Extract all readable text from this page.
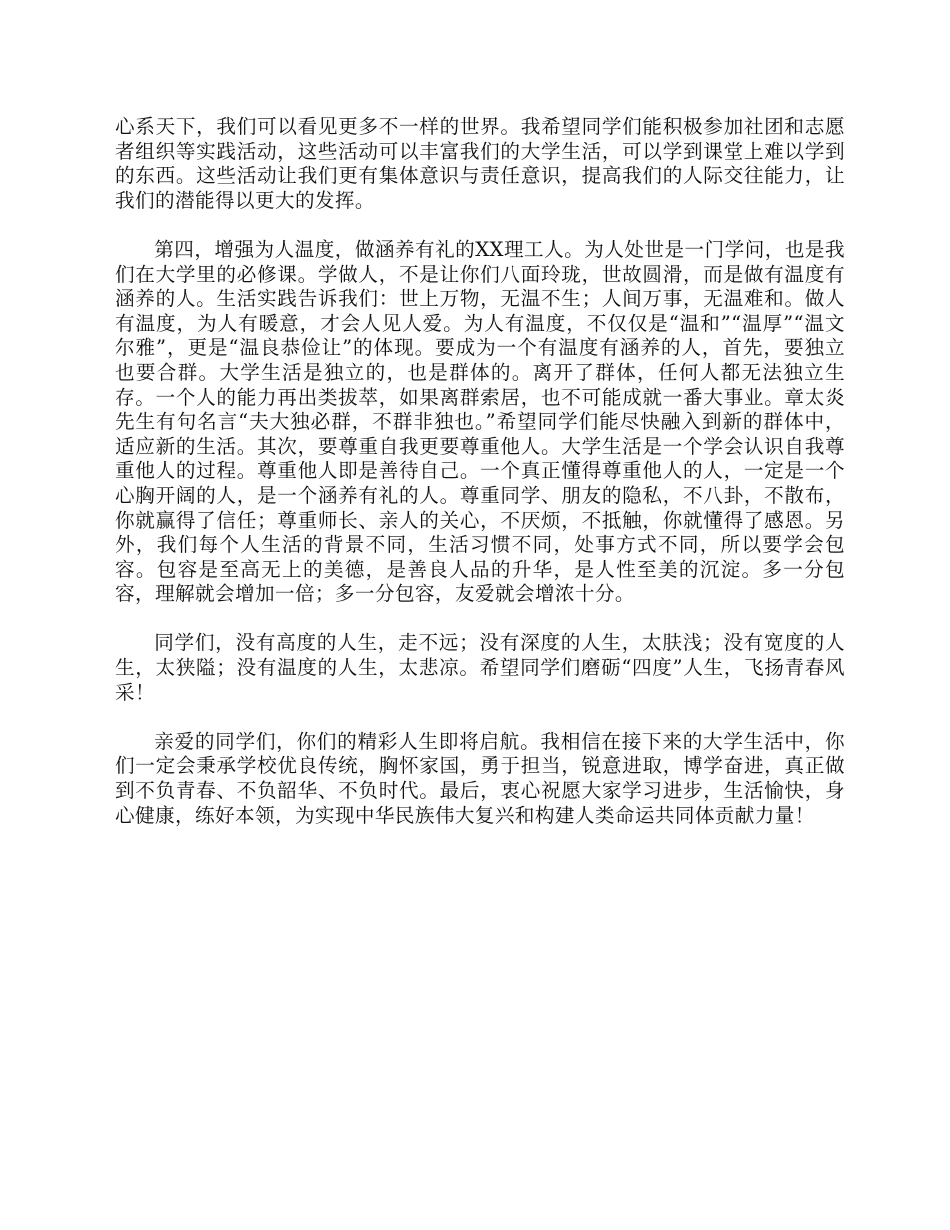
心系天下，我们可以看见更多不一样的世界。我希望同学们能积极参加社团和志愿者组织等实践活动，这些活动可以丰富我们的大学生活，可以学到课堂上难以学到的东西。这些活动让我们更有集体意识与责任意识，提高我们的人际交往能力，让我们的潜能得以更大的发挥。

第四，增强为人温度，做涵养有礼的XX理工人。为人处世是一门学问，也是我们在大学里的必修课。学做人，不是让你们八面玲珑，世故圆滑，而是做有温度有涵养的人。生活实践告诉我们：世上万物，无温不生；人间万事，无温难和。做人有温度，为人有暖意，才会人见人爱。为人有温度，不仅仅是“温和”“温厚”“温文尔雅”，更是“温良恭俭让”的体现。要成为一个有温度有涵养的人，首先，要独立也要合群。大学生活是独立的，也是群体的。离开了群体，任何人都无法独立生存。一个人的能力再出类拔萃，如果离群索居，也不可能成就一番大事业。章太炎先生有句名言“夫大独必群，不群非独也。”希望同学们能尽快融入到新的群体中，适应新的生活。其次，要尊重自我更要尊重他人。大学生活是一个学会认识自我尊重他人的过程。尊重他人即是善待自己。一个真正懂得尊重他人的人，一定是一个心胸开阔的人，是一个涵养有礼的人。尊重同学、朋友的隐私，不八卦，不散布，你就赢得了信任；尊重师长、亲人的关心，不厌烦，不抵触，你就懂得了感恩。另外，我们每个人生活的背景不同，生活习惯不同，处事方式不同，所以要学会包容。包容是至高无上的美德，是善良人品的升华，是人性至美的沉淀。多一分包容，理解就会增加一倍；多一分包容，友爱就会增浓十分。

同学们，没有高度的人生，走不远；没有深度的人生，太肤浅；没有宽度的人生，太狭隘；没有温度的人生，太悲凉。希望同学们磨砺“四度”人生，飞扬青春风采！

亲爱的同学们，你们的精彩人生即将启航。我相信在接下来的大学生活中，你们一定会秉承学校优良传统，胸怀家国，勇于担当，锐意进取，博学奋进，真正做到不负青春、不负韶华、不负时代。最后，衷心祝愿大家学习进步，生活愉快，身心健康，练好本领，为实现中华民族伟大复兴和构建人类命运共同体贡献力量！
